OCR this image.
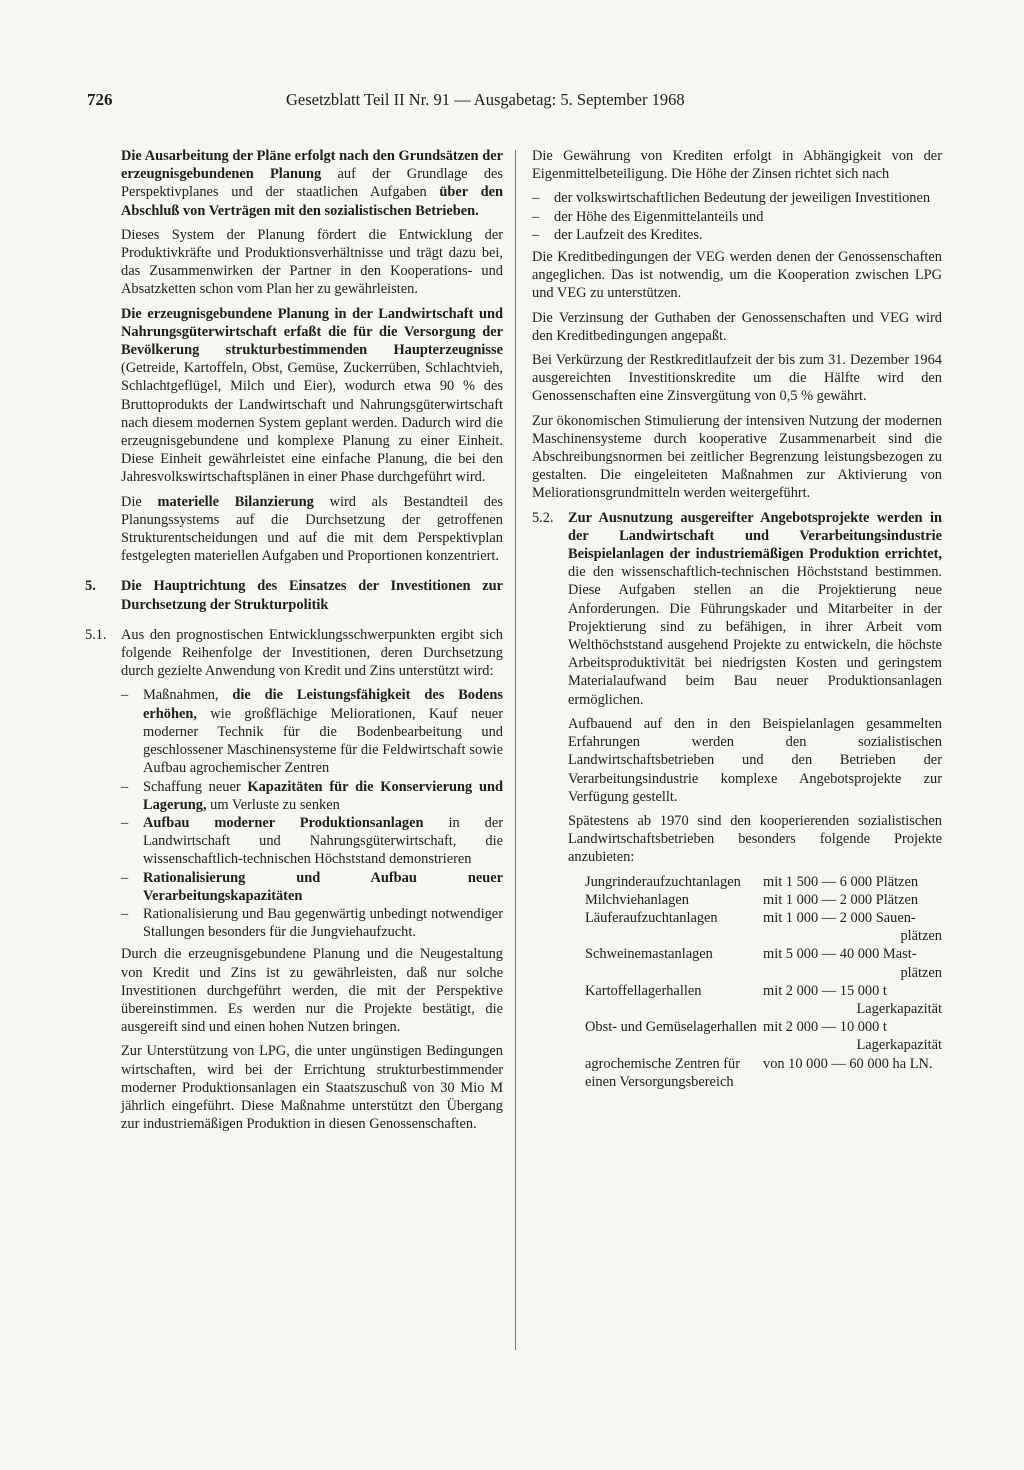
726	Gesetzblatt Teil II Nr. 91 — Ausgabetag: 5. September 1968

Die Ausarbeitung der Pläne erfolgt nach den Grundsätzen der erzeugnisgebundenen Planung auf der Grundlage des Perspektivplanes und der staatlichen Aufgaben über den Abschluß von Verträgen mit den sozialistischen Betrieben.

Dieses System der Planung fördert die Entwicklung der Produktivkräfte und Produktionsverhältnisse und trägt dazu bei, das Zusammenwirken der Partner in den Kooperations- und Absatzketten schon vom Plan her zu gewährleisten.

Die erzeugnisgebundene Planung in der Landwirtschaft und Nahrungsgüterwirtschaft erfaßt die für die Versorgung der Bevölkerung strukturbestimmenden Haupterzeugnisse (Getreide, Kartoffeln, Obst, Gemüse, Zuckerrüben, Schlachtvieh, Schlachtgeflügel, Milch und Eier), wodurch etwa 90 % des Bruttoprodukts der Landwirtschaft und Nahrungsgüterwirtschaft nach diesem modernen System geplant werden. Dadurch wird die erzeugnisgebundene und komplexe Planung zu einer Einheit. Diese Einheit gewährleistet eine einfache Planung, die bei den Jahresvolkswirtschaftsplänen in einer Phase durchgeführt wird.

Die materielle Bilanzierung wird als Bestandteil des Planungssystems auf die Durchsetzung der getroffenen Strukturentscheidungen und auf die mit dem Perspektivplan festgelegten materiellen Aufgaben und Proportionen konzentriert.

5.	Die Hauptrichtung des Einsatzes der Investitionen zur Durchsetzung der Strukturpolitik
5.1.	Aus den prognostischen Entwicklungsschwerpunkten ergibt sich folgende Reihenfolge der Investitionen, deren Durchsetzung durch gezielte Anwendung von Kredit und Zins unterstützt wird:
– Maßnahmen, die die Leistungsfähigkeit des Bodens erhöhen, wie großflächige Meliorationen, Kauf neuer moderner Technik für die Bodenbearbeitung und geschlossener Maschinensysteme für die Feldwirtschaft sowie Aufbau agrochemischer Zentren
– Schaffung neuer Kapazitäten für die Konservierung und Lagerung, um Verluste zu senken
– Aufbau moderner Produktionsanlagen in der Landwirtschaft und Nahrungsgüterwirtschaft, die wissenschaftlich-technischen Höchststand demonstrieren
– Rationalisierung und Aufbau neuer Verarbeitungskapazitäten
– Rationalisierung und Bau gegenwärtig unbedingt notwendiger Stallungen besonders für die Jungviehaufzucht.

Durch die erzeugnisgebundene Planung und die Neugestaltung von Kredit und Zins ist zu gewährleisten, daß nur solche Investitionen durchgeführt werden, die mit der Perspektive übereinstimmen. Es werden nur die Projekte bestätigt, die ausgereift sind und einen hohen Nutzen bringen.

Zur Unterstützung von LPG, die unter ungünstigen Bedingungen wirtschaften, wird bei der Errichtung strukturbestimmender moderner Produktionsanlagen ein Staatszuschuß von 30 Mio M jährlich eingeführt. Diese Maßnahme unterstützt den Übergang zur industriemäßigen Produktion in diesen Genossenschaften.

Die Gewährung von Krediten erfolgt in Abhängigkeit von der Eigenmittelbeteiligung. Die Höhe der Zinsen richtet sich nach

– der volkswirtschaftlichen Bedeutung der jeweiligen Investitionen
– der Höhe des Eigenmittelanteils und
– der Laufzeit des Kredites.

Die Kreditbedingungen der VEG werden denen der Genossenschaften angeglichen. Das ist notwendig, um die Kooperation zwischen LPG und VEG zu unterstützen.

Die Verzinsung der Guthaben der Genossenschaften und VEG wird den Kreditbedingungen angepaßt.

Bei Verkürzung der Restkreditlaufzeit der bis zum 31. Dezember 1964 ausgereichten Investitionskredite um die Hälfte wird den Genossenschaften eine Zinsvergütung von 0,5 % gewährt.

Zur ökonomischen Stimulierung der intensiven Nutzung der modernen Maschinensysteme durch kooperative Zusammenarbeit sind die Abschreibungsnormen bei zeitlicher Begrenzung leistungsbezogen zu gestalten. Die eingeleiteten Maßnahmen zur Aktivierung von Meliorationsgrundmitteln werden weitergeführt.

5.2.	Zur Ausnutzung ausgereifter Angebotsprojekte werden in der Landwirtschaft und Verarbeitungsindustrie Beispielanlagen der industriemäßigen Produktion errichtet, die den wissenschaftlich-technischen Höchststand bestimmen. Diese Aufgaben stellen an die Projektierung neue Anforderungen. Die Führungskader und Mitarbeiter in der Projektierung sind zu befähigen, in ihrer Arbeit vom Welthöchststand ausgehend Projekte zu entwickeln, die höchste Arbeitsproduktivität bei niedrigsten Kosten und geringstem Materialaufwand beim Bau neuer Produktionsanlagen ermöglichen.

Aufbauend auf den in den Beispielanlagen gesammelten Erfahrungen werden den sozialistischen Landwirtschaftsbetrieben und den Betrieben der Verarbeitungsindustrie komplexe Angebotsprojekte zur Verfügung gestellt.

Spätestens ab 1970 sind den kooperierenden sozialistischen Landwirtschaftsbetrieben besonders folgende Projekte anzubieten:

Jungrinderaufzuchtanlagen	mit 1 500 — 6 000 Plätzen

Milchviehanlagen	mit 1 000 — 2 000 Plätzen

Läuferaufzuchtanlagen	mit 1 000 — 2 000 Sauen-
plätzen

Schweinemastanlagen	mit 5 000 — 40 000 Mast-
plätzen

Kartoffellagerhallen	mit 2 000 — 15 000 t
Lagerkapazität

Obst- und Gemüselagerhallen	mit 2 000 — 10 000 t
Lagerkapazität

agrochemische Zentren für einen Versorgungsbereich	von 10 000 — 60 000 ha LN.
